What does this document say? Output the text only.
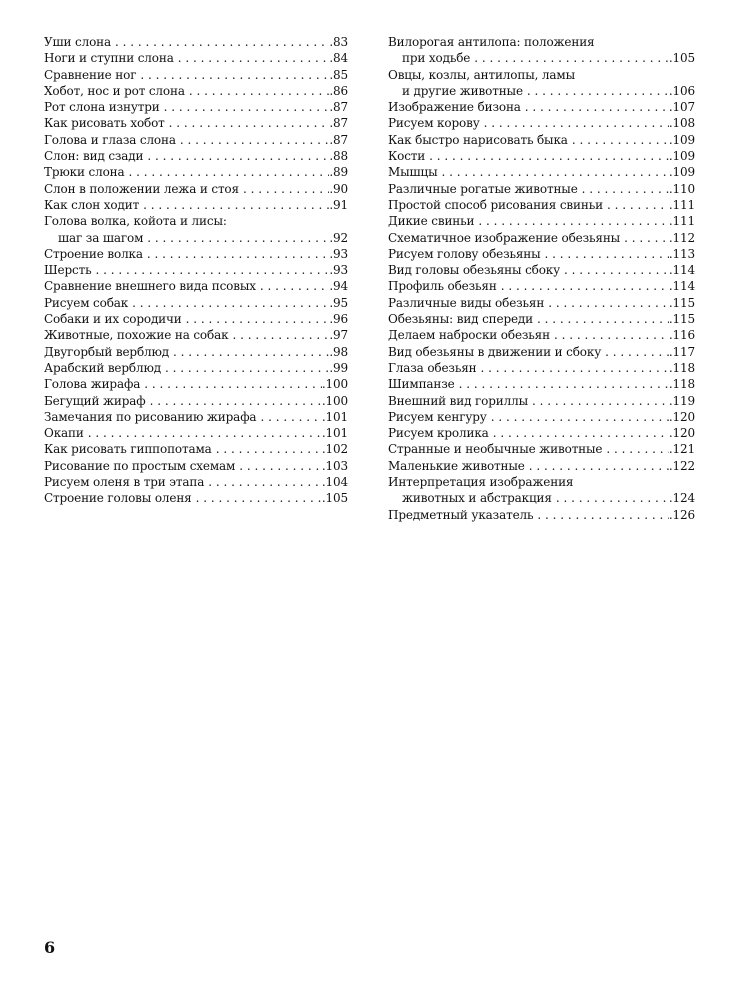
Уши слона . . .	.83
Ноги и ступни слона . . .	.84
Сравнение ног . . .	.85
Хобот, нос и рот слона . . .	.86
Рот слона изнутри . . .	.87
Как рисовать хобот . . .	.87
Голова и глаза слона . . .	.87
Слон: вид сзади . . .	.88
Трюки слона . . .	.89
Слон в положении лежа и стоя . . .	.90
Как слон ходит . . .	.91
Голова волка, койота и лисы:
шаг за шагом . . .	.92
Строение волка . . .	.93
Шерсть . . .	.93
Сравнение внешнего вида псовых . . .	.94
Рисуем собак . . .	.95
Собаки и их сородичи . . .	.96
Животные, похожие на собак . . .	.97
Двугорбый верблюд . . .	.98
Арабский верблюд . . .	.99
Голова жирафа . . .	.100
Бегущий жираф . . .	.100
Замечания по рисованию жирафа . . .	.101
Окапи . . .	.101
Как рисовать гиппопотама . . .	.102
Рисование по простым схемам . . .	.103
Рисуем оленя в три этапа . . .	.104
Строение головы оленя . . .	.105
Вилорогая антилопа: положения
при ходьбе . . .	.105
Овцы, козлы, антилопы, ламы
и другие животные . . .	.106
Изображение бизона . . .	.107
Рисуем корову . . .	.108
Как быстро нарисовать быка . . .	.109
Кости . . .	.109
Мышцы . . .	.109
Различные рогатые животные . . .	.110
Простой способ рисования свиньи . . .	.111
Дикие свиньи . . .	.111
Схематичное изображение обезьяны . . .	.112
Рисуем голову обезьяны . . .	.113
Вид головы обезьяны сбоку . . .	.114
Профиль обезьян . . .	.114
Различные виды обезьян . . .	.115
Обезьяны: вид спереди . . .	.115
Делаем наброски обезьян . . .	.116
Вид обезьяны в движении и сбоку . . .	.117
Глаза обезьян . . .	.118
Шимпанзе . . .	.118
Внешний вид гориллы . . .	.119
Рисуем кенгуру . . .	.120
Рисуем кролика . . .	.120
Странные и необычные животные . . .	.121
Маленькие животные . . .	.122
Интерпретация изображения
животных и абстракция . . .	.124
Предметный указатель . . .	.126
6
